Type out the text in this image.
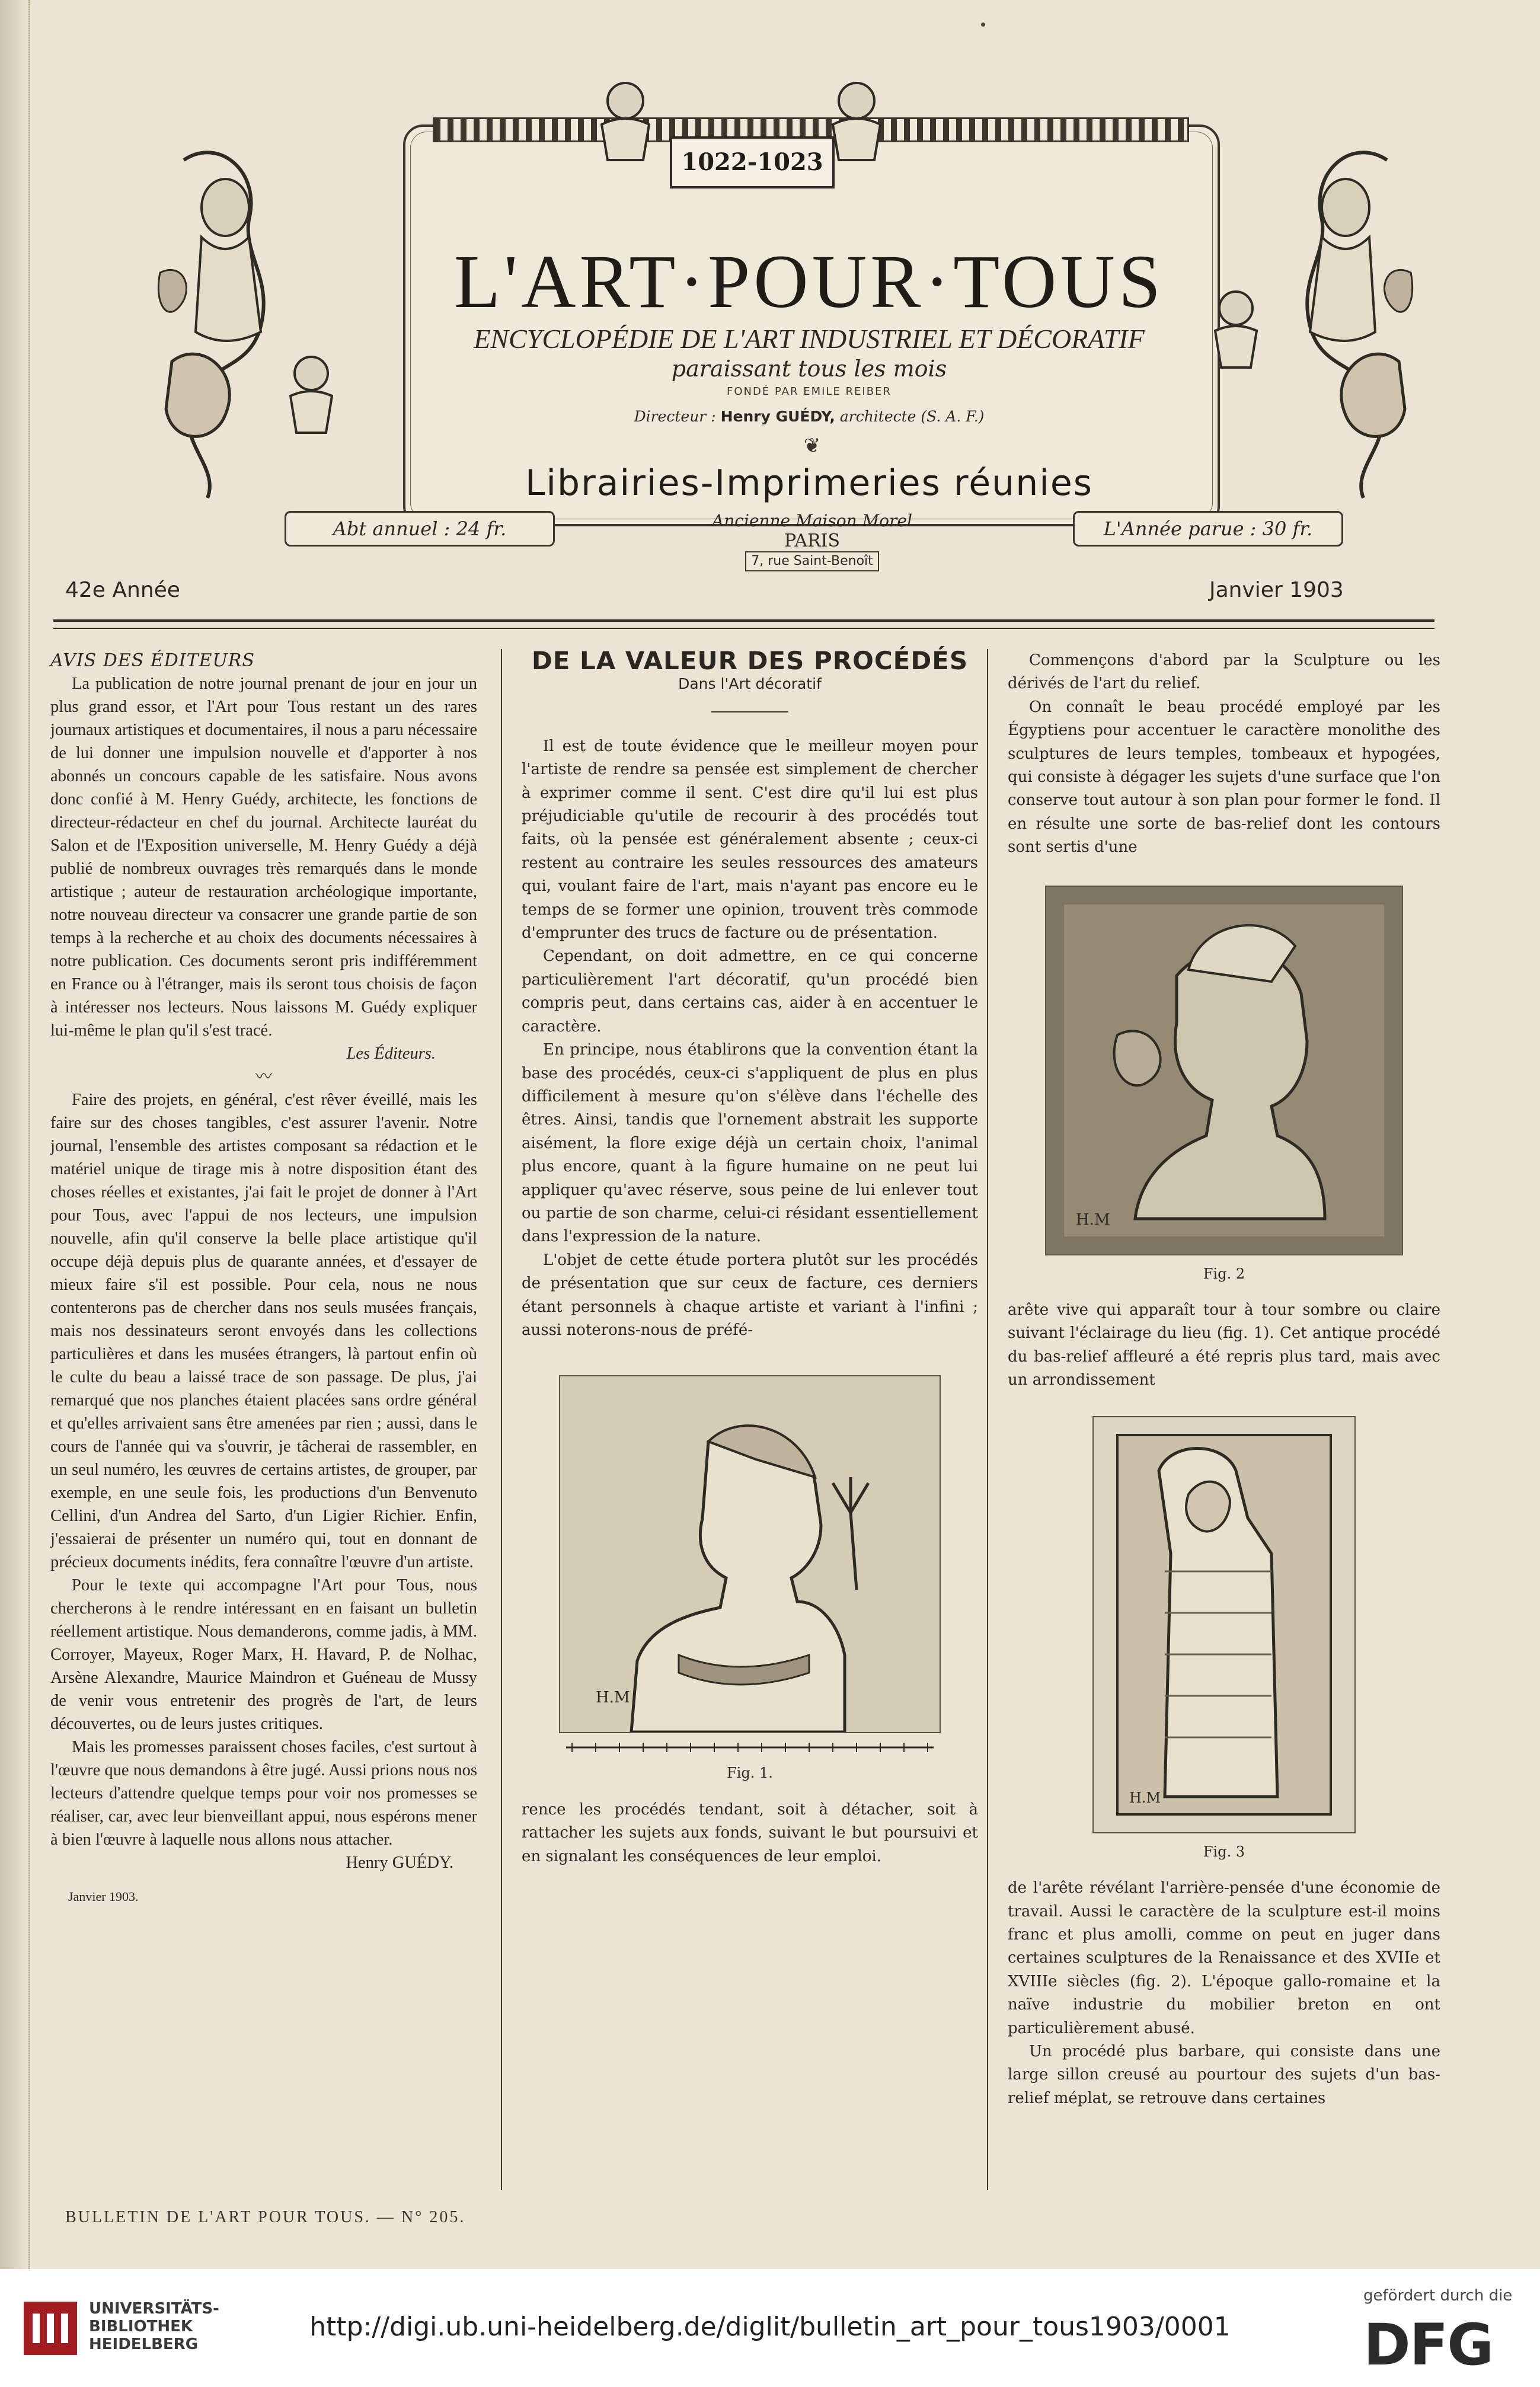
1022-1023
L'ART·POUR·TOUS
ENCYCLOPÉDIE DE L'ART INDUSTRIEL ET DÉCORATIF
paraissant tous les mois
FONDÉ PAR EMILE REIBER
Directeur : Henry GUÉDY, architecte (S. A. F.)
❦
Librairies-Imprimeries réunies
Abt annuel : 24 fr.	Ancienne Maison Morel
PARIS
7, rue Saint-Benoît
L'Année parue : 30 fr.
42e Année	Janvier 1903

AVIS DES ÉDITEURS

La publication de notre journal prenant de jour en jour un plus grand essor, et l'Art pour Tous restant un des rares journaux artistiques et documentaires, il nous a paru nécessaire de lui donner une impulsion nouvelle et d'apporter à nos abonnés un concours capable de les satisfaire. Nous avons donc confié à M. Henry Guédy, architecte, les fonctions de directeur-rédacteur en chef du journal. Architecte lauréat du Salon et de l'Exposition universelle, M. Henry Guédy a déjà publié de nombreux ouvrages très remarqués dans le monde artistique ; auteur de restauration archéologique importante, notre nouveau directeur va consacrer une grande partie de son temps à la recherche et au choix des documents nécessaires à notre publication. Ces documents seront pris indifféremment en France ou à l'étranger, mais ils seront tous choisis de façon à intéresser nos lecteurs. Nous laissons M. Guédy expliquer lui-même le plan qu'il s'est tracé.

Les Éditeurs.

〰

Faire des projets, en général, c'est rêver éveillé, mais les faire sur des choses tangibles, c'est assurer l'avenir. Notre journal, l'ensemble des artistes composant sa rédaction et le matériel unique de tirage mis à notre disposition étant des choses réelles et existantes, j'ai fait le projet de donner à l'Art pour Tous, avec l'appui de nos lecteurs, une impulsion nouvelle, afin qu'il conserve la belle place artistique qu'il occupe déjà depuis plus de quarante années, et d'essayer de mieux faire s'il est possible. Pour cela, nous ne nous contenterons pas de chercher dans nos seuls musées français, mais nos dessinateurs seront envoyés dans les collections particulières et dans les musées étrangers, là partout enfin où le culte du beau a laissé trace de son passage. De plus, j'ai remarqué que nos planches étaient placées sans ordre général et qu'elles arrivaient sans être amenées par rien ; aussi, dans le cours de l'année qui va s'ouvrir, je tâcherai de rassembler, en un seul numéro, les œuvres de certains artistes, de grouper, par exemple, en une seule fois, les productions d'un Benvenuto Cellini, d'un Andrea del Sarto, d'un Ligier Richier. Enfin, j'essaierai de présenter un numéro qui, tout en donnant de précieux documents inédits, fera connaître l'œuvre d'un artiste.

Pour le texte qui accompagne l'Art pour Tous, nous chercherons à le rendre intéressant en en faisant un bulletin réellement artistique. Nous demanderons, comme jadis, à MM. Corroyer, Mayeux, Roger Marx, H. Havard, P. de Nolhac, Arsène Alexandre, Maurice Maindron et Guéneau de Mussy de venir vous entretenir des progrès de l'art, de leurs découvertes, ou de leurs justes critiques.

Mais les promesses paraissent choses faciles, c'est surtout à l'œuvre que nous demandons à être jugé. Aussi prions nous nos lecteurs d'attendre quelque temps pour voir nos promesses se réaliser, car, avec leur bienveillant appui, nous espérons mener à bien l'œuvre à laquelle nous allons nous attacher.

Henry GUÉDY.

Janvier 1903.

DE LA VALEUR DES PROCÉDÉS

Dans l'Art décoratif

Il est de toute évidence que le meilleur moyen pour l'artiste de rendre sa pensée est simplement de chercher à exprimer comme il sent. C'est dire qu'il lui est plus préjudiciable qu'utile de recourir à des procédés tout faits, où la pensée est généralement absente ; ceux-ci restent au contraire les seules ressources des amateurs qui, voulant faire de l'art, mais n'ayant pas encore eu le temps de se former une opinion, trouvent très commode d'emprunter des trucs de facture ou de présentation.

Cependant, on doit admettre, en ce qui concerne particulièrement l'art décoratif, qu'un procédé bien compris peut, dans certains cas, aider à en accentuer le caractère.

En principe, nous établirons que la convention étant la base des procédés, ceux-ci s'appliquent de plus en plus difficilement à mesure qu'on s'élève dans l'échelle des êtres. Ainsi, tandis que l'ornement abstrait les supporte aisément, la flore exige déjà un certain choix, l'animal plus encore, quant à la figure humaine on ne peut lui appliquer qu'avec réserve, sous peine de lui enlever tout ou partie de son charme, celui-ci résidant essentiellement dans l'expression de la nature.

L'objet de cette étude portera plutôt sur les procédés de présentation que sur ceux de facture, ces derniers étant personnels à chaque artiste et variant à l'infini ; aussi noterons-nous de préfé-

H.M

Fig. 1.

rence les procédés tendant, soit à détacher, soit à rattacher les sujets aux fonds, suivant le but poursuivi et en signalant les conséquences de leur emploi.

Commençons d'abord par la Sculpture ou les dérivés de l'art du relief.

On connaît le beau procédé employé par les Égyptiens pour accentuer le caractère monolithe des sculptures de leurs temples, tombeaux et hypogées, qui consiste à dégager les sujets d'une surface que l'on conserve tout autour à son plan pour former le fond. Il en résulte une sorte de bas-relief dont les contours sont sertis d'une

H.M

Fig. 2

arête vive qui apparaît tour à tour sombre ou claire suivant l'éclairage du lieu (fig. 1). Cet antique procédé du bas-relief affleuré a été repris plus tard, mais avec un arrondissement

H.M

Fig. 3

de l'arête révélant l'arrière-pensée d'une économie de travail. Aussi le caractère de la sculpture est-il moins franc et plus amolli, comme on peut en juger dans certaines sculptures de la Renaissance et des XVIIe et XVIIIe siècles (fig. 2). L'époque gallo-romaine et la naïve industrie du mobilier breton en ont particulièrement abusé.

Un procédé plus barbare, qui consiste dans une large sillon creusé au pourtour des sujets d'un bas-relief méplat, se retrouve dans certaines

BULLETIN DE L'ART POUR TOUS. — N° 205.
UNIVERSITÄTS-
BIBLIOTHEK
HEIDELBERG
http://digi.ub.uni-heidelberg.de/diglit/bulletin_art_pour_tous1903/0001
gefördert durch die
DFG
